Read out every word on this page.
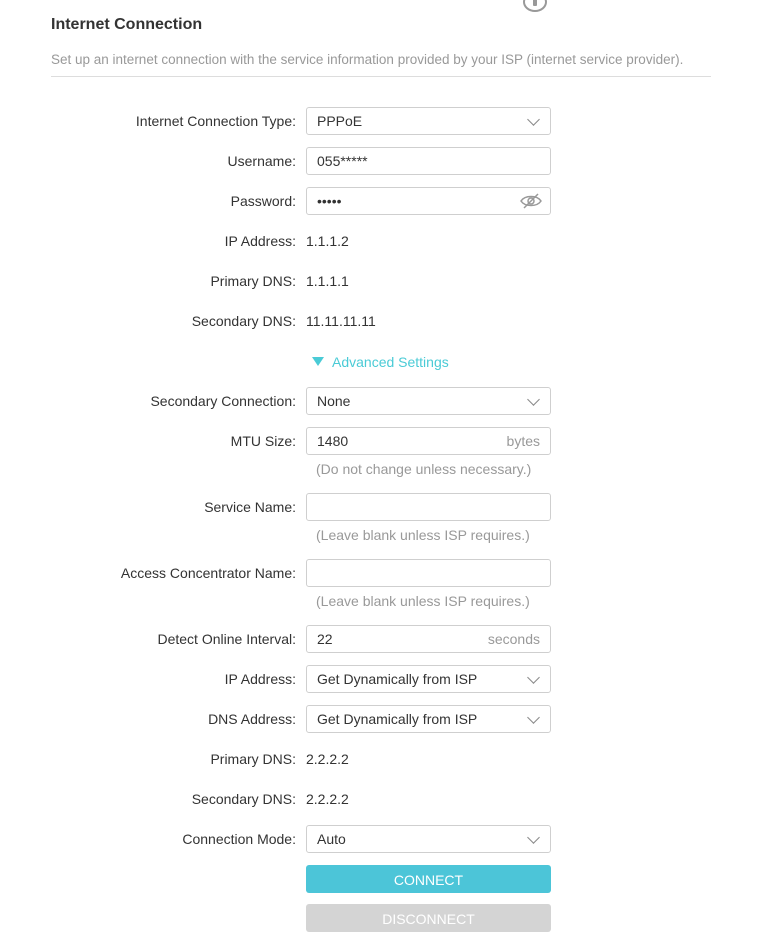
Internet Connection
Set up an internet connection with the service information provided by your ISP (internet service provider).
Internet Connection Type:	PPPoE
Username:	055*****
Password:	•••••
IP Address: 1.1.1.2
Primary DNS: 1.1.1.1
Secondary DNS: 11.11.11.11
Advanced Settings
Secondary Connection:	None
MTU Size:	1480	bytes
(Do not change unless necessary.)
Service Name:
(Leave blank unless ISP requires.)
Access Concentrator Name:
(Leave blank unless ISP requires.)
Detect Online Interval:	22	seconds
IP Address:	Get Dynamically from ISP
DNS Address:	Get Dynamically from ISP
Primary DNS: 2.2.2.2
Secondary DNS: 2.2.2.2
Connection Mode:	Auto
CONNECT
DISCONNECT
